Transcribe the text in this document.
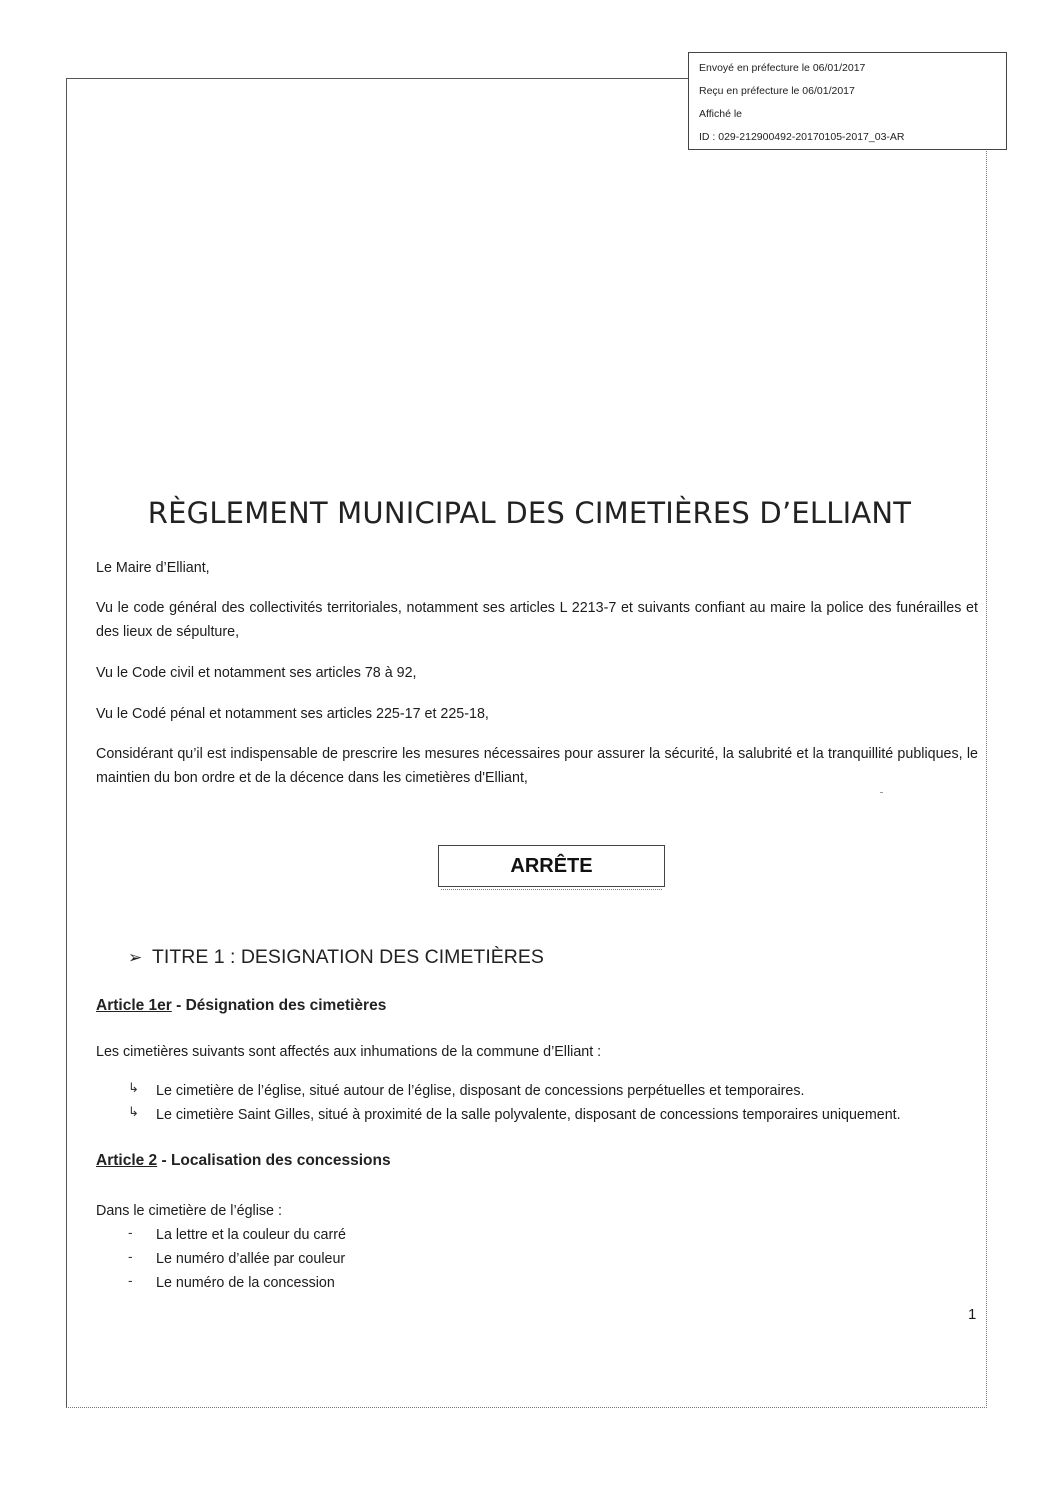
Envoyé en préfecture le 06/01/2017
Reçu en préfecture le 06/01/2017
Affiché le
ID : 029-212900492-20170105-2017_03-AR
RÈGLEMENT MUNICIPAL DES CIMETIÈRES D’ELLIANT
Le Maire d’Elliant,
Vu le code général des collectivités territoriales, notamment ses articles L 2213-7 et suivants confiant au maire la police des funérailles et des lieux de sépulture,
Vu le Code civil et notamment ses articles 78 à 92,
Vu le Codé pénal et notamment ses articles 225-17 et 225-18,
Considérant qu’il est indispensable de prescrire les mesures nécessaires pour assurer la sécurité, la salubrité et la tranquillité publiques, le maintien du bon ordre et de la décence dans les cimetières d'Elliant,
ARRÊTE
➢ TITRE 1 : DESIGNATION DES CIMETIÈRES
Article 1er - Désignation des cimetières
Les cimetières suivants sont affectés aux inhumations de la commune d’Elliant :
↳ Le cimetière de l’église, situé autour de l’église, disposant de concessions perpétuelles et temporaires.
↳ Le cimetière Saint Gilles, situé à proximité de la salle polyvalente, disposant de concessions temporaires uniquement.
Article 2 - Localisation des concessions
Dans le cimetière de l’église :
- La lettre et la couleur du carré
- Le numéro d’allée par couleur
- Le numéro de la concession
1
